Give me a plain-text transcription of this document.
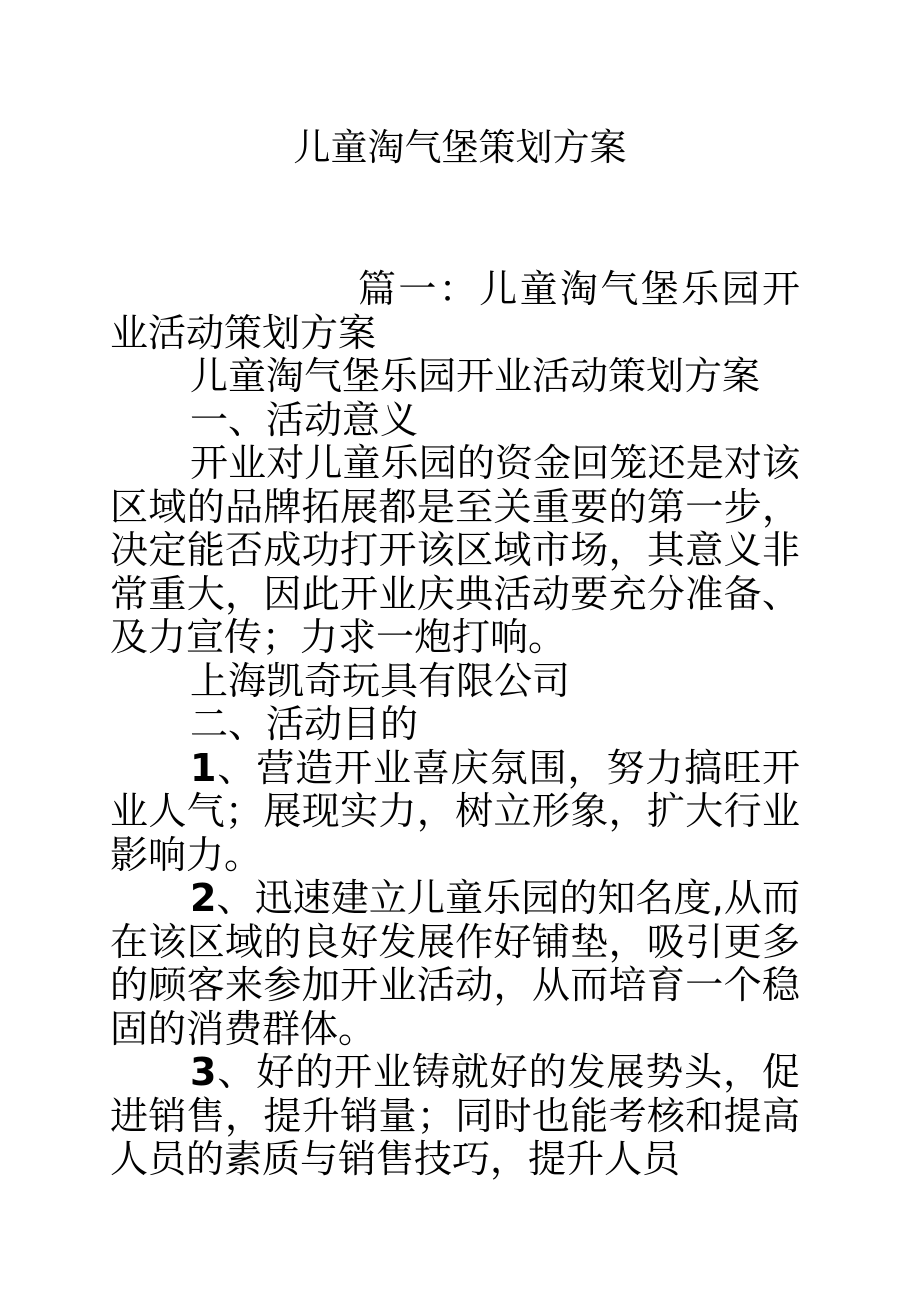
儿童淘气堡策划方案

篇一：儿童淘气堡乐园开业活动策划方案

儿童淘气堡乐园开业活动策划方案

一、活动意义

开业对儿童乐园的资金回笼还是对该区域的品牌拓展都是至关重要的第一步，决定能否成功打开该区域市场，其意义非常重大，因此开业庆典活动要充分准备、及力宣传；力求一炮打响。

上海凯奇玩具有限公司

二、活动目的

1、营造开业喜庆氛围，努力搞旺开业人气；展现实力，树立形象，扩大行业影响力。

2、迅速建立儿童乐园的知名度,从而在该区域的良好发展作好铺垫，吸引更多的顾客来参加开业活动，从而培育一个稳固的消费群体。

3、好的开业铸就好的发展势头，促进销售，提升销量；同时也能考核和提高人员的素质与销售技巧，提升人员
